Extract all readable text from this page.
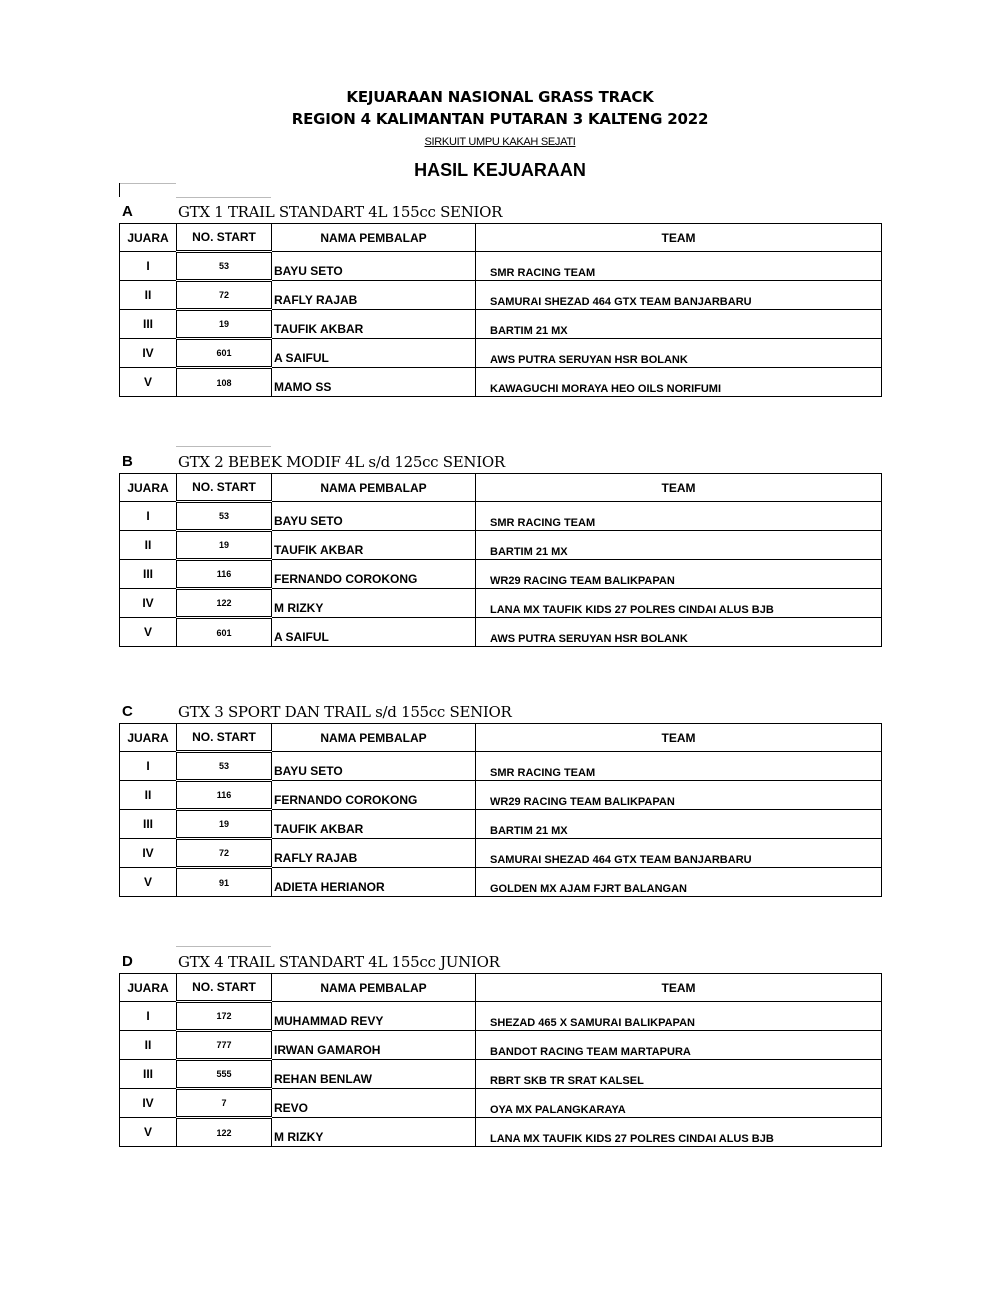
KEJUARAAN NASIONAL GRASS TRACK
REGION 4 KALIMANTAN PUTARAN 3 KALTENG 2022
SIRKUIT UMPU KAKAH SEJATI
HASIL KEJUARAAN
A	GTX 1 TRAIL STANDART 4L 155cc SENIOR
JUARA	NO. START	NAMA PEMBALAP	TEAM
I	53	BAYU SETO	SMR RACING TEAM
II	72	RAFLY RAJAB	SAMURAI SHEZAD 464 GTX TEAM BANJARBARU
III	19	TAUFIK AKBAR	BARTIM 21 MX
IV	601	A SAIFUL	AWS PUTRA SERUYAN HSR BOLANK
V	108	MAMO SS	KAWAGUCHI MORAYA HEO OILS NORIFUMI
B	GTX 2 BEBEK MODIF 4L s/d 125cc SENIOR
JUARA	NO. START	NAMA PEMBALAP	TEAM
I	53	BAYU SETO	SMR RACING TEAM
II	19	TAUFIK AKBAR	BARTIM 21 MX
III	116	FERNANDO COROKONG	WR29 RACING TEAM BALIKPAPAN
IV	122	M RIZKY	LANA MX TAUFIK KIDS 27 POLRES CINDAI ALUS BJB
V	601	A SAIFUL	AWS PUTRA SERUYAN HSR BOLANK
C	GTX 3 SPORT DAN TRAIL s/d 155cc SENIOR
JUARA	NO. START	NAMA PEMBALAP	TEAM
I	53	BAYU SETO	SMR RACING TEAM
II	116	FERNANDO COROKONG	WR29 RACING TEAM BALIKPAPAN
III	19	TAUFIK AKBAR	BARTIM 21 MX
IV	72	RAFLY RAJAB	SAMURAI SHEZAD 464 GTX TEAM BANJARBARU
V	91	ADIETA HERIANOR	GOLDEN MX AJAM FJRT BALANGAN
D	GTX 4 TRAIL STANDART 4L 155cc JUNIOR
JUARA	NO. START	NAMA PEMBALAP	TEAM
I	172	MUHAMMAD REVY	SHEZAD 465 X SAMURAI BALIKPAPAN
II	777	IRWAN GAMAROH	BANDOT RACING TEAM MARTAPURA
III	555	REHAN BENLAW	RBRT SKB TR SRAT KALSEL
IV	7	REVO	OYA MX PALANGKARAYA
V	122	M RIZKY	LANA MX TAUFIK KIDS 27 POLRES CINDAI ALUS BJB
